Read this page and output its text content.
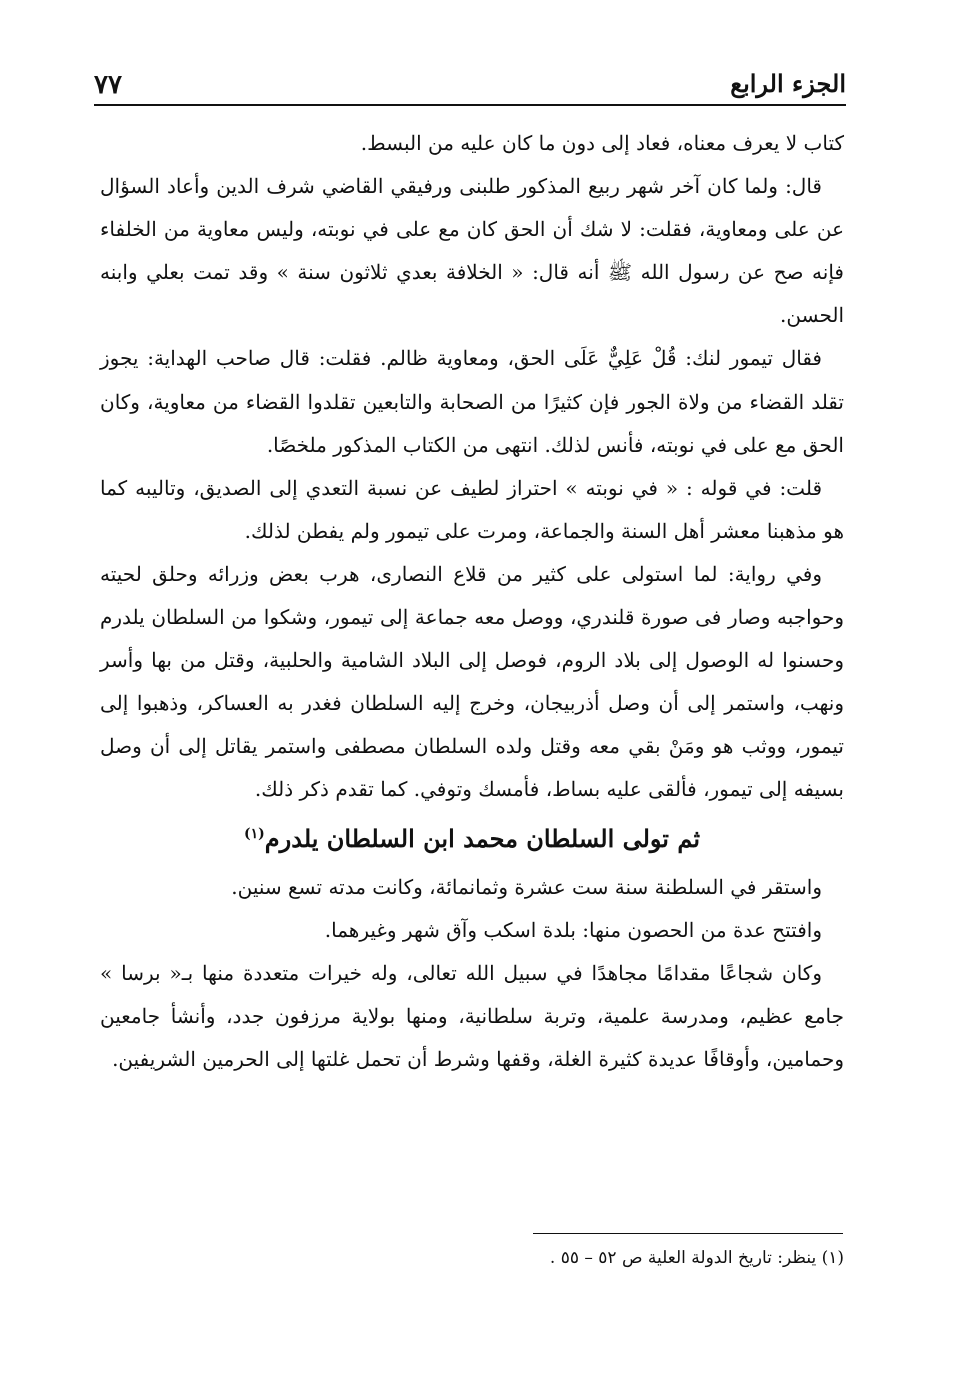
٧٧	الجزء الرابع

كتاب لا يعرف معناه، فعاد إلى دون ما كان عليه من البسط.

قال: ولما كان آخر شهر ربيع المذكور طلبنى ورفيقي القاضي شرف الدين وأعاد السؤال عن على ومعاوية، فقلت: لا شك أن الحق كان مع على في نوبته، وليس معاوية من الخلفاء فإنه صح عن رسول الله ﷺ أنه قال: « الخلافة بعدي ثلاثون سنة » وقد تمت بعلي وابنه الحسن.

فقال تيمور لنك: قُلْ عَلِيٌّ عَلَى الحق، ومعاوية ظالم. فقلت: قال صاحب الهداية: يجوز تقلد القضاء من ولاة الجور فإن كثيرًا من الصحابة والتابعين تقلدوا القضاء من معاوية، وكان الحق مع على في نوبته، فأنس لذلك. انتهى من الكتاب المذكور ملخصًا.

قلت: في قوله : « في نوبته » احتراز لطيف عن نسبة التعدي إلى الصديق، وتاليبه كما هو مذهبنا معشر أهل السنة والجماعة، ومرت على تيمور ولم يفطن لذلك.

وفي رواية: لما استولى على كثير من قلاع النصارى، هرب بعض وزرائه وحلق لحيته وحواجبه وصار فى صورة قلندري، ووصل معه جماعة إلى تيمور، وشكوا من السلطان يلدرم وحسنوا له الوصول إلى بلاد الروم، فوصل إلى البلاد الشامية والحلبية، وقتل من بها وأسر ونهب، واستمر إلى أن وصل أذربيجان، وخرج إليه السلطان فغدر به العساكر، وذهبوا إلى تيمور، ووثب هو ومَنْ بقي معه وقتل ولده السلطان مصطفى واستمر يقاتل إلى أن وصل بسيفه إلى تيمور، فألقى عليه بساط، فأمسك وتوفي. كما تقدم ذكر ذلك.

ثم تولى السلطان محمد ابن السلطان يلدرم$^{(١)}$

واستقر في السلطنة سنة ست عشرة وثمانمائة، وكانت مدته تسع سنين.

وافتتح عدة من الحصون منها: بلدة اسكب وآق شهر وغيرهما.

وكان شجاعًا مقدامًا مجاهدًا في سبيل الله تعالى، وله خيرات متعددة منها بـ« برسا » جامع عظيم، ومدرسة علمية، وتربة سلطانية، ومنها بولاية مرزفون جدد، وأنشأ جامعين وحمامين، وأوقافًا عديدة كثيرة الغلة، وقفها وشرط أن تحمل غلتها إلى الحرمين الشريفين.

(١) ينظر: تاريخ الدولة العلية ص ٥٢ – ٥٥ .
